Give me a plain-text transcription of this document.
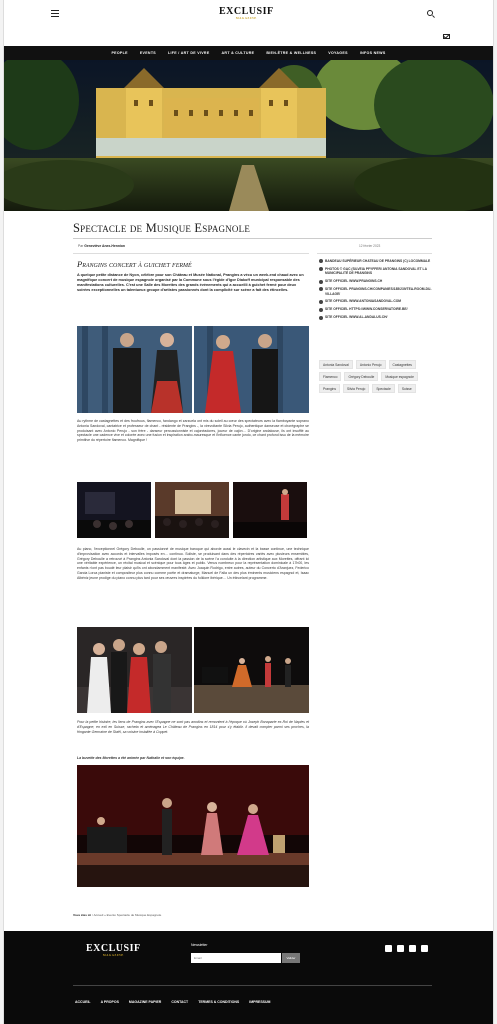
EXCLUSIF
MAGAZINE
PEOPLE	EVENTS	LIFE / ART DE VIVRE	ART & CULTURE	BIEN-ÊTRE & WELLNESS	VOYAGES	INFOS NEWS
Spectacle de Musique Espagnole
Par Geneviève Anex-Hennion	12 février 2023
Prangins concert à guichet fermé
A quelque petite distance de Nyon, célèbre pour son Château et Musée National, Prangins a vécu un week-end chaud avec un magnifique concert de musique espagnole organisé par la Commune sous l'égide d'Igor Diakoff municipal responsable des manifestations culturelles. C'est une Salle des Morettes des grands évènements qui a accueilli à guichet fermé pour deux soirées exceptionnelles un talentueux groupe d'artistes passionnés dont la complicité sur scène a fait des étincelles.
Au rythme de castagnettes et des froufrous, flamenco, fandango et zarzuela ont mis du soleil au cœur des spectateurs avec la flamboyante soprano Antonia Sandoval, cantatrice et professeur de chant - résidente de Prangins -, la virevoltante Silvia Perujo, authentique danseuse et chorégraphe se produisant avec Antonio Perujo - son frère - danseur percussionniste et cajonéadores, joueur de cajón… D'origine andalouse, ils ont insufflé au spectacle une cadence vive et colorée avec une fusion et inspiration arabo-mauresque et l'influence cante jondo, ce chant profond issu de la mémoire primitive du répertoire flamenco. Magnifique !
Au piano, l'exceptionnel Grégory Deboulle, un passionné de musique baroque qui aborde aussi le clavecin et la basse continue, une technique d'improvisation avec accords et intervalles imposés en… continuo. Soliste, se produisant dans des répertoires variés avec plusieurs ensembles, Grégory Deboulle a retrouvé à Prangins Antonia Sandoval dont la passion de la scène l'a conduite à la direction artistique aux Morettes, offrant ici une véritable expérience, un récital musical et scénique pour tous âges et public. Venus nombreux pour la représentation dominicale à 17h00, les enfants n'ont pas boudé leur plaisir qu'ils ont abondamment manifesté. Avec Joaquin Rodrigo, entre autres, auteur du Concerto d'Aranjuez, Federico Garcia Lorca pianiste et compositeur plus connu comme poète et dramaturge, Manuel de Falla un des plus éminents musiciens espagnol et, Isaac Albéniz jeune prodige du piano connu plus tard pour ses œuvres inspirées du folklore ibérique… Un étincelant programme.
Pour la petite histoire, les liens de Prangins avec l'Espagne ne sont pas anodins et remontent à l'époque où Joseph Bonaparte ex-Roi de Naples et d'Espagne, en exil en Suisse, racheta et aménagea Le Château de Prangins en 1814 pour s'y établir. Il devait compter parmi ses proches, la fringante Germaine de Staël, sa voisine installée à Coppet.
La buvette des Morettes a été animée par Nathalie et son équipe.
BANDEAU SUPÉRIEUR CHATEAU DE PRANGINS (C) LOCOMMALE
PHOTOS © GAC (SILVEIA PFYFFER/ ANTONIA SANDOVAL ET LA MUNICIPALITÉ DE PRANGINS
SITE OFFICIEL WWW.PRANGINS.CH
SITE OFFICIEL PRANGINS.CH/COMPANIES/185/239/TEA-ROOM-DU-VILLAGE/
SITE OFFICIEL WWW.ANTONIASANDOVAL.COM
SITE OFFICIEL HTTPS://WWW.CONSERVATOIRE.BE/
SITE OFFICIEL WWW.AL-ANDALUS.CH/
Antonia Sandoval	Antonio Perujo	Castagnettes
Flamenco	Grégory Deboulle	Musique espagnole
Prangins	Silvia Perujo	Spectacle	Suisse
Vous êtes ici : Accueil » Evento Spectacle de Musique Espagnole
EXCLUSIF
MAGAZINE
Newsletter
Email
Valider
ACCUEIL	A PROPOS	MAGAZINE PAPIER	CONTACT	TERMES & CONDITIONS	IMPRESSUM
